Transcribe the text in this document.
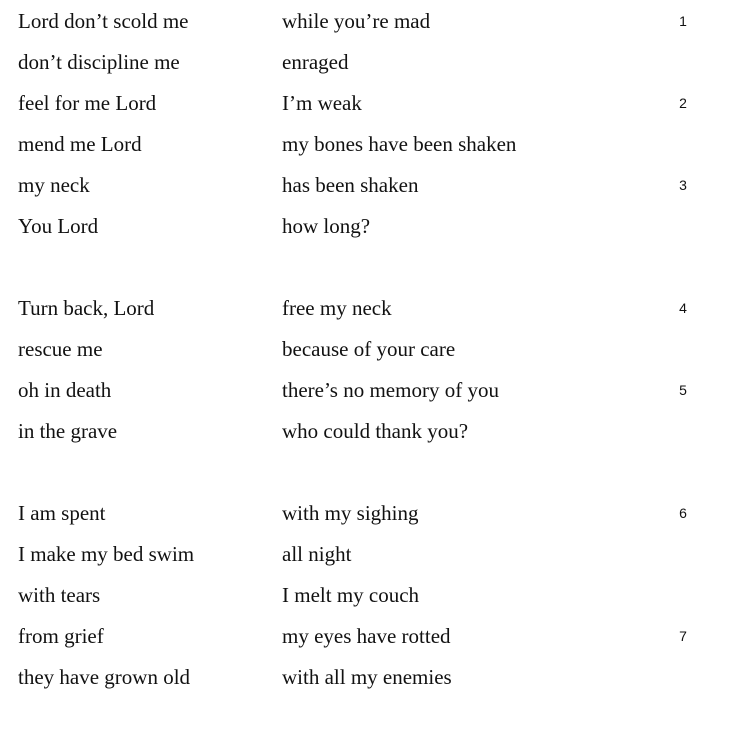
Lord don’t scold me	while you’re mad	1
don’t discipline me	enraged
feel for me Lord	I’m weak	2
mend me Lord	my bones have been shaken
my neck	has been shaken	3
You Lord	how long?
Turn back, Lord	free my neck	4
rescue me	because of your care
oh in death	there’s no memory of you	5
in the grave	who could thank you?
I am spent	with my sighing	6
I make my bed swim	all night
with tears	I melt my couch
from grief	my eyes have rotted	7
they have grown old	with all my enemies
